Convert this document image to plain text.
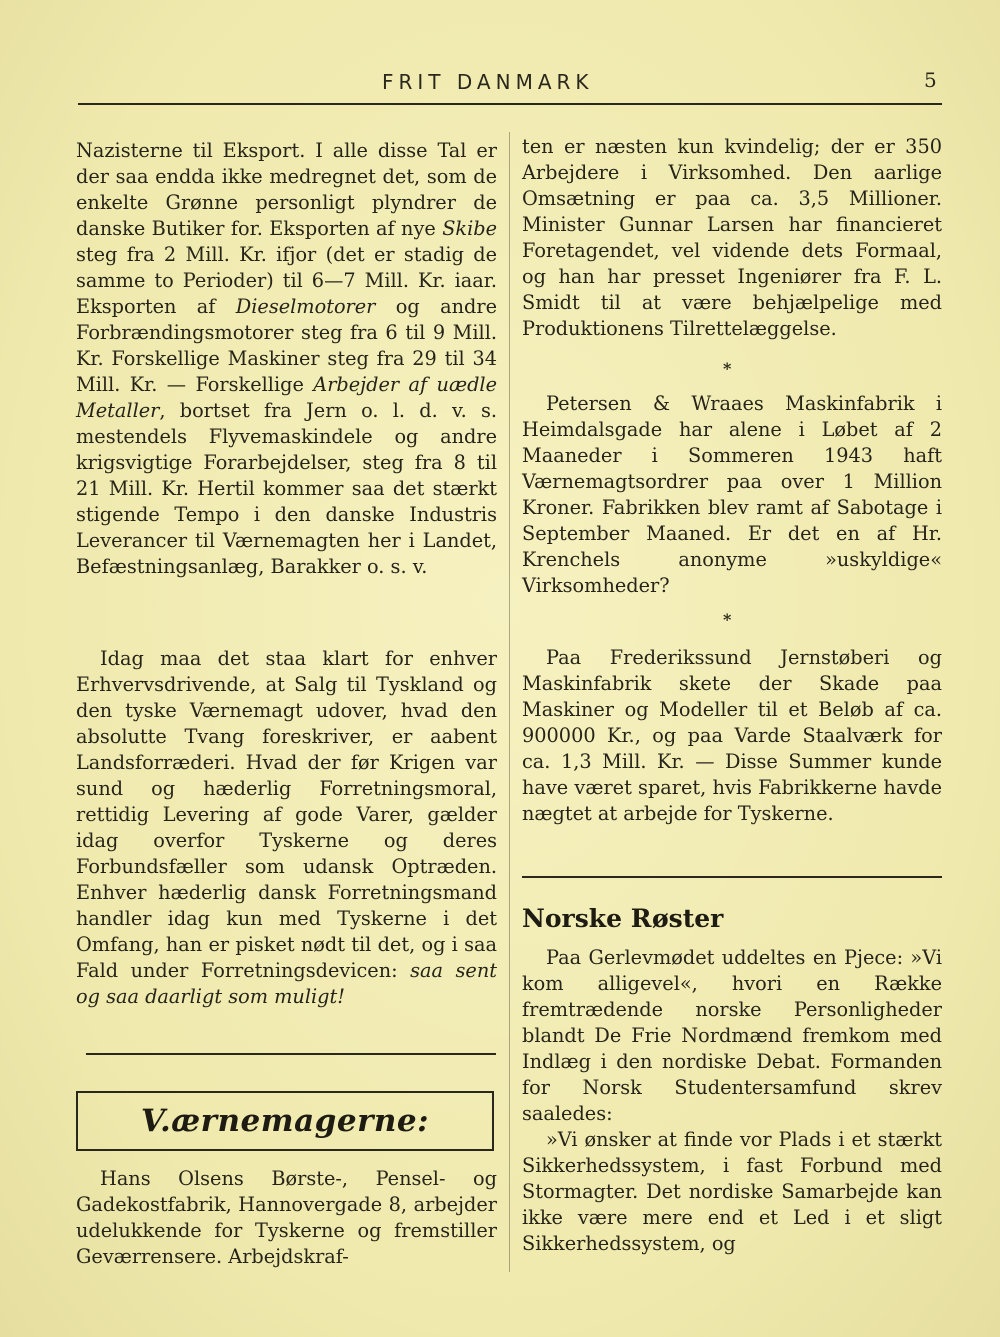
FRIT DANMARK	5

Nazisterne til Eksport. I alle disse Tal er der saa endda ikke medregnet det, som de enkelte Grønne personligt plyndrer de danske Butiker for. Eksporten af nye Skibe steg fra 2 Mill. Kr. ifjor (det er stadig de samme to Perioder) til 6—7 Mill. Kr. iaar. Eksporten af Dieselmotorer og andre Forbrændingsmotorer steg fra 6 til 9 Mill. Kr. Forskellige Maskiner steg fra 29 til 34 Mill. Kr. — Forskellige Arbejder af uædle Metaller, bortset fra Jern o. l. d. v. s. mestendels Flyvemaskindele og andre krigsvigtige Forarbejdelser, steg fra 8 til 21 Mill. Kr. Hertil kommer saa det stærkt stigende Tempo i den danske Industris Leverancer til Værnemagten her i Landet, Befæstningsanlæg, Barakker o. s. v.

Idag maa det staa klart for enhver Erhvervsdrivende, at Salg til Tyskland og den tyske Værnemagt udover, hvad den absolutte Tvang foreskriver, er aabent Landsforræderi. Hvad der før Krigen var sund og hæderlig Forretningsmoral, rettidig Levering af gode Varer, gælder idag overfor Tyskerne og deres Forbundsfæller som udansk Optræden. Enhver hæderlig dansk Forretningsmand handler idag kun med Tyskerne i det Omfang, han er pisket nødt til det, og i saa Fald under Forretningsdevicen: saa sent og saa daarligt som muligt!

V.ærnemagerne:

Hans Olsens Børste-, Pensel- og Gadekostfabrik, Hannovergade 8, arbejder udelukkende for Tyskerne og fremstiller Geværrensere. Arbejdskraf-

ten er næsten kun kvindelig; der er 350 Arbejdere i Virksomhed. Den aarlige Omsætning er paa ca. 3,5 Millioner. Minister Gunnar Larsen har financieret Foretagendet, vel vidende dets Formaal, og han har presset Ingeniører fra F. L. Smidt til at være behjælpelige med Produktionens Tilrettelæggelse.

*

Petersen & Wraaes Maskinfabrik i Heimdalsgade har alene i Løbet af 2 Maaneder i Sommeren 1943 haft Værnemagtsordrer paa over 1 Million Kroner. Fabrikken blev ramt af Sabotage i September Maaned. Er det en af Hr. Krenchels anonyme »uskyldige« Virksomheder?

*

Paa Frederikssund Jernstøberi og Maskinfabrik skete der Skade paa Maskiner og Modeller til et Beløb af ca. 900000 Kr., og paa Varde Staalværk for ca. 1,3 Mill. Kr. — Disse Summer kunde have været sparet, hvis Fabrikkerne havde nægtet at arbejde for Tyskerne.

Norske Røster

Paa Gerlevmødet uddeltes en Pjece: »Vi kom alligevel«, hvori en Række fremtrædende norske Personligheder blandt De Frie Nordmænd fremkom med Indlæg i den nordiske Debat. Formanden for Norsk Studentersamfund skrev saaledes:

»Vi ønsker at finde vor Plads i et stærkt Sikkerhedssystem, i fast Forbund med Stormagter. Det nordiske Samarbejde kan ikke være mere end et Led i et sligt Sikkerhedssystem, og
